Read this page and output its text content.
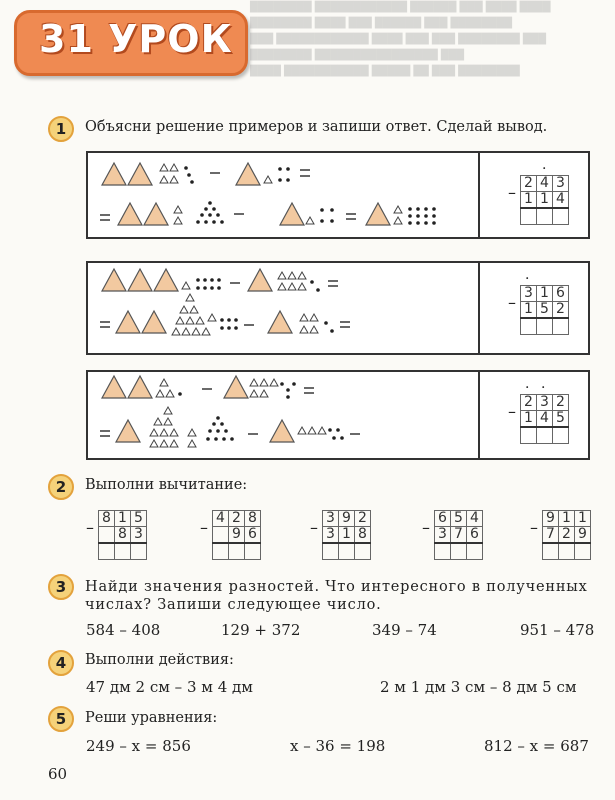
31 УРОК
████████ ████████████ ██████ ███ ████ ████
████████ ████ ███ ██████ ███ ████████
███ ████████████ ████ ███ ███ ████████ ███
████████ ████████████████ ███
████ ███████████ █████ ██ ███ ████████
1	Объясни решение примеров и запиши ответ. Сделай вывод.
–
·
2	4	3
1	1	4

–
·
3	1	6
1	5	2

–
· ·
2	3	2
1	4	5

2	Выполни вычитание:
– 8	1	5
	8	3
			– 4	2	8
	9	6
			– 3	9	2
3	1	8
			– 6	5	4
3	7	6
			– 9	1	1
7	2	9

3	Найди значения разностей. Что интересного в полученных
числах? Запиши следующее число.
584 – 408	129 + 372	349 – 74	951 – 478
4	Выполни действия:
47 дм 2 см – 3 м 4 дм	2 м 1 дм 3 см – 8 дм 5 см
5	Реши уравнения:
249 – x = 856	x – 36 = 198	812 – x = 687
60
